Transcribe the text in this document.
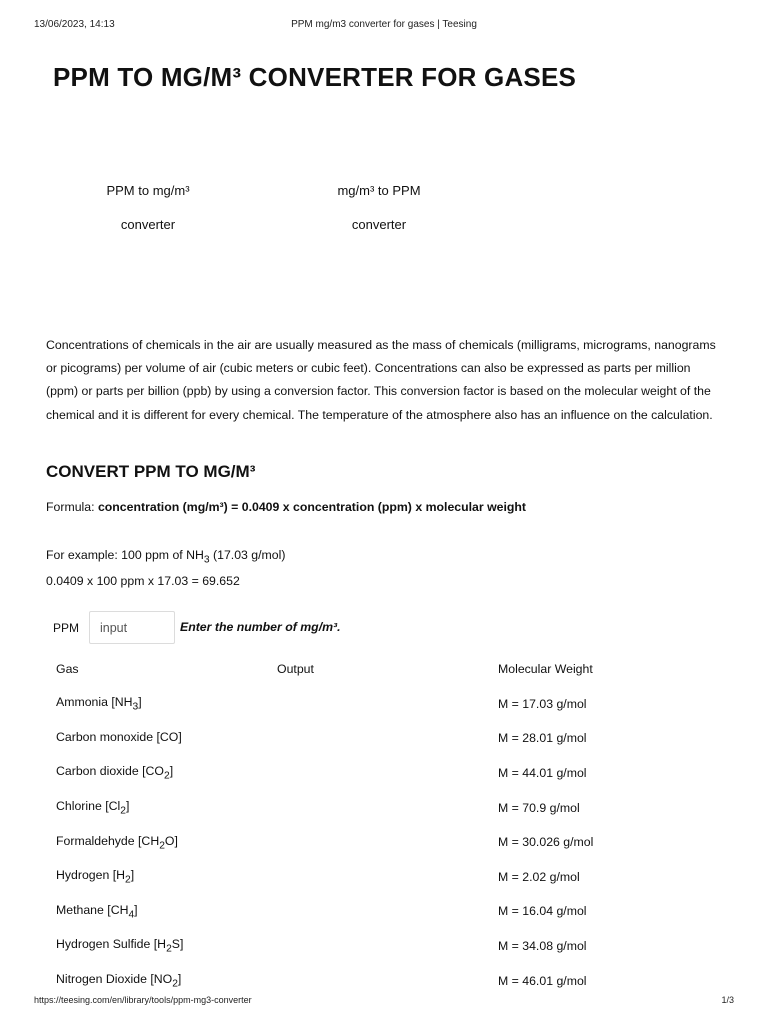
13/06/2023, 14:13	PPM mg/m3 converter for gases | Teesing
PPM TO MG/M³ CONVERTER FOR GASES
PPM to mg/m³
converter
mg/m³ to PPM
converter

Concentrations of chemicals in the air are usually measured as the mass of chemicals (milligrams, micrograms, nanograms or picograms) per volume of air (cubic meters or cubic feet). Concentrations can also be expressed as parts per million (ppm) or parts per billion (ppb) by using a conversion factor. This conversion factor is based on the molecular weight of the chemical and it is different for every chemical. The temperature of the atmosphere also has an influence on the calculation.

CONVERT PPM TO MG/M³
Formula: concentration (mg/m³) = 0.0409 x concentration (ppm) x molecular weight
For example: 100 ppm of $NH_3$ (17.03 g/mol)
0.0409 x 100 ppm x 17.03 = 69.652
PPM
input	Enter the number of mg/m³.
Gas	Output	Molecular Weight
Ammonia $[NH_3]$		M = 17.03 g/mol
Carbon monoxide [CO]		M = 28.01 g/mol
Carbon dioxide $[CO_2]$		M = 44.01 g/mol
Chlorine $[Cl_2]$		M = 70.9 g/mol
Formaldehyde $[CH_2O]$		M = 30.026 g/mol
Hydrogen $[H_2]$		M = 2.02 g/mol
Methane $[CH_4]$		M = 16.04 g/mol
Hydrogen Sulfide $[H_2S]$		M = 34.08 g/mol
Nitrogen Dioxide $[NO_2]$		M = 46.01 g/mol
https://teesing.com/en/library/tools/ppm-mg3-converter	1/3
